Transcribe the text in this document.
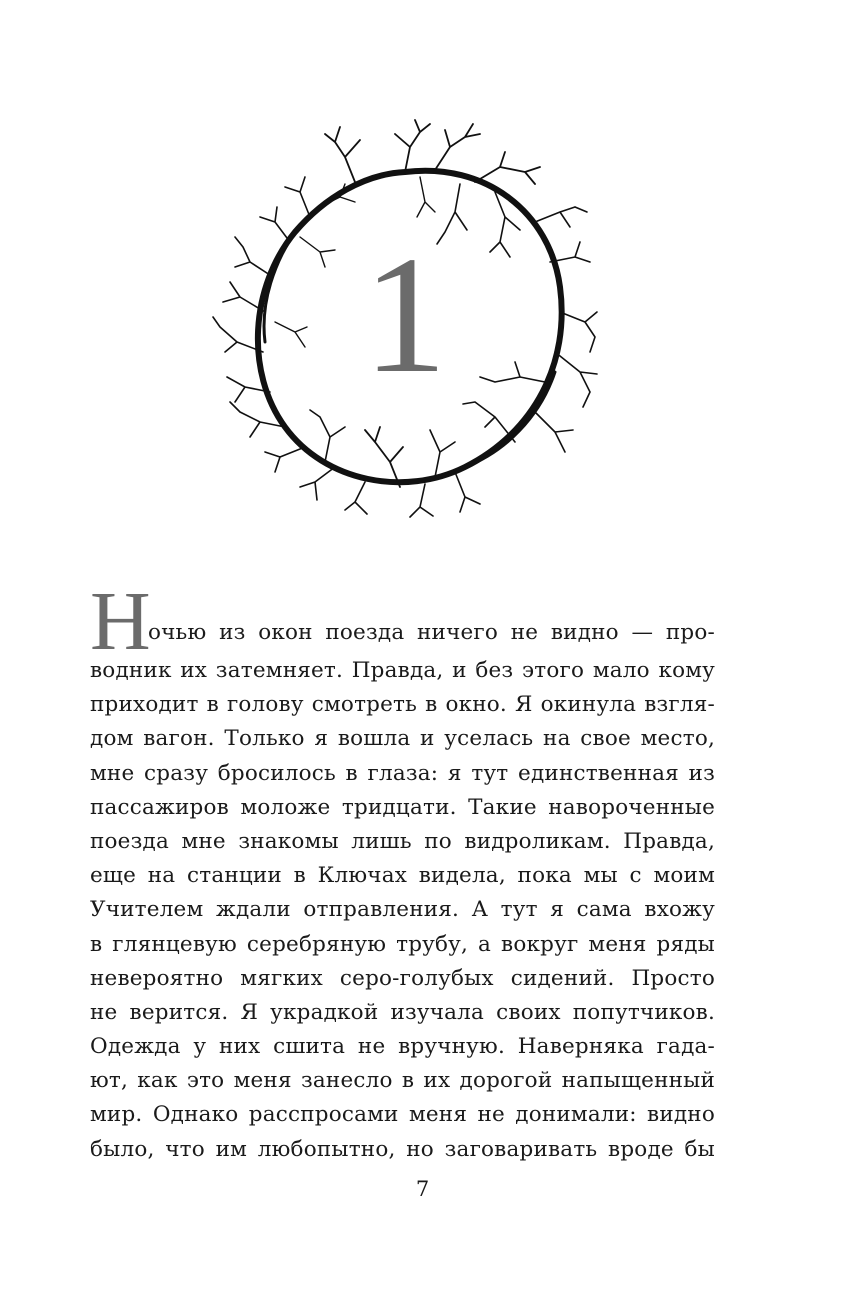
1
Н
очью из окон поезда ничего не видно — про-
водник их затемняет. Правда, и без этого мало кому
приходит в голову смотреть в окно. Я окинула взгля-
дом вагон. Только я вошла и уселась на свое место,
мне сразу бросилось в глаза: я тут единственная из
пассажиров моложе тридцати. Такие навороченные
поезда мне знакомы лишь по видроликам. Правда,
еще на станции в Ключах видела, пока мы с моим
Учителем ждали отправления. А тут я сама вхожу
в глянцевую серебряную трубу, а вокруг меня ряды
невероятно мягких серо-голубых сидений. Просто
не верится. Я украдкой изучала своих попутчиков.
Одежда у них сшита не вручную. Наверняка гада-
ют, как это меня занесло в их дорогой напыщенный
мир. Однако расспросами меня не донимали: видно
было, что им любопытно, но заговаривать вроде бы
7
